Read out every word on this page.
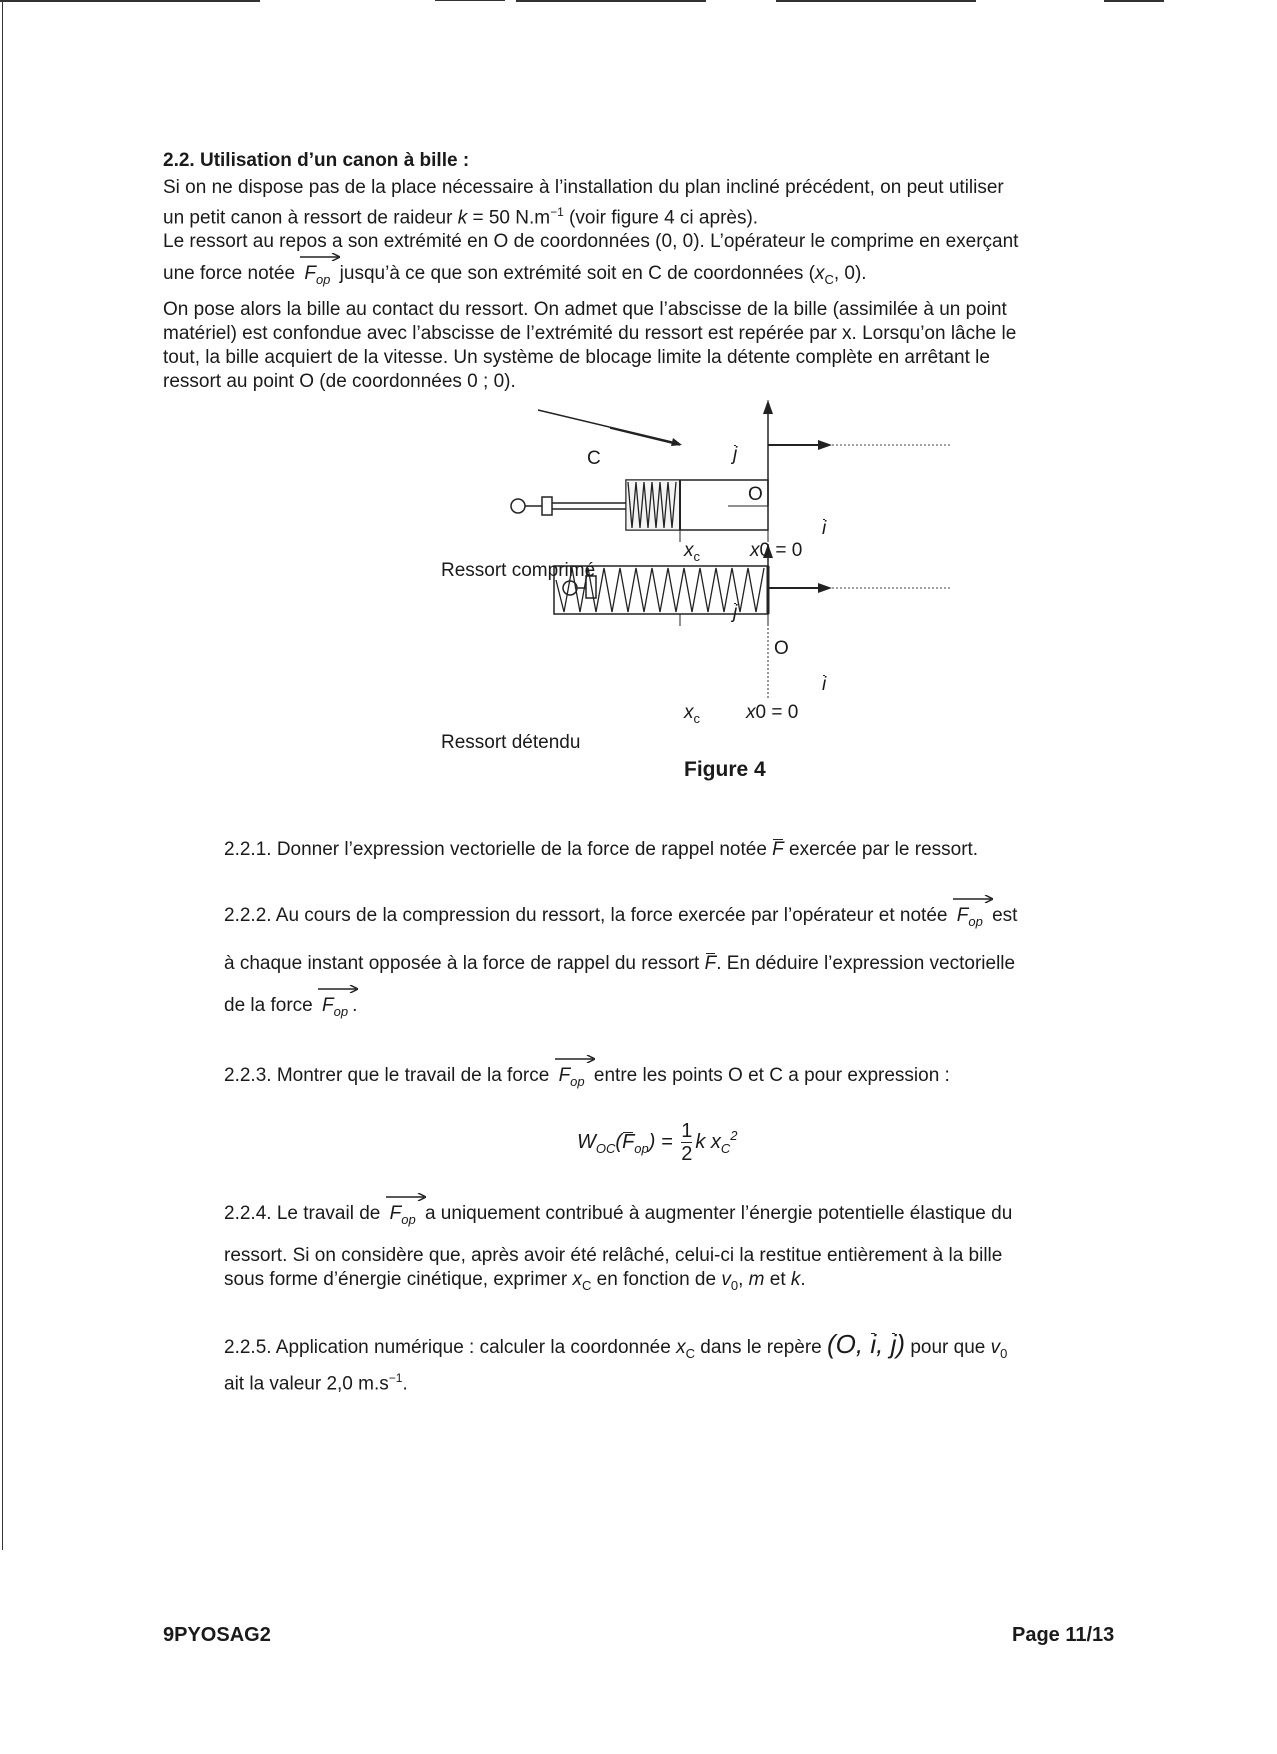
2.2. Utilisation d’un canon à bille :
Si on ne dispose pas de la place nécessaire à l’installation du plan incliné précédent, on peut utiliser
un petit canon à ressort de raideur k = 50 $N.m^{-1}$ (voir figure 4 ci après).
Le ressort au repos a son extrémité en O de coordonnées (0, 0). L’opérateur le comprime en exerçant
une force notée
$F_{op}$ jusqu’à ce que son extrémité soit en C de coordonnées ($x_C$, 0).
On pose alors la bille au contact du ressort. On admet que l’abscisse de la bille (assimilée à un point
matériel) est confondue avec l’abscisse de l’extrémité du ressort est repérée par x. Lorsqu’on lâche le
tout, la bille acquiert de la vitesse. Un système de blocage limite la détente complète en arrêtant le
ressort au point O (de coordonnées 0 ; 0).
C	j
O
i
$x_c$	x0 = 0
Ressort comprimé
j
O
i
$x_c$ x0 = 0
Ressort détendu
Figure 4
2.2.1. Donner l’expression vectorielle de la force de rappel notée F exercée par le ressort.
2.2.2. Au cours de la compression du ressort, la force exercée par l’opérateur et notée
$F_{op}$ est
à chaque instant opposée à la force de rappel du ressort F. En déduire l’expression vectorielle
de la force
$F_{op}$ .
2.2.3. Montrer que le travail de la force
$F_{op}$ entre les points O et C a pour expression :
$W_{OC}(F_{op}) = \frac{1}{2}$ k $x_C^2$
2.2.4. Le travail de
$F_{op}$ a uniquement contribué à augmenter l’énergie potentielle élastique du
ressort. Si on considère que, après avoir été relâché, celui-ci la restitue entièrement à la bille
sous forme d’énergie cinétique, exprimer $x_C$ en fonction de $v_0$, m et k.
2.2.5. Application numérique : calculer la coordonnée $x_C$ dans le repère (O, i, j) pour que $v_0$
ait la valeur 2,0 $m.s^{-1}$.
9PYOSAG2	Page 11/13
